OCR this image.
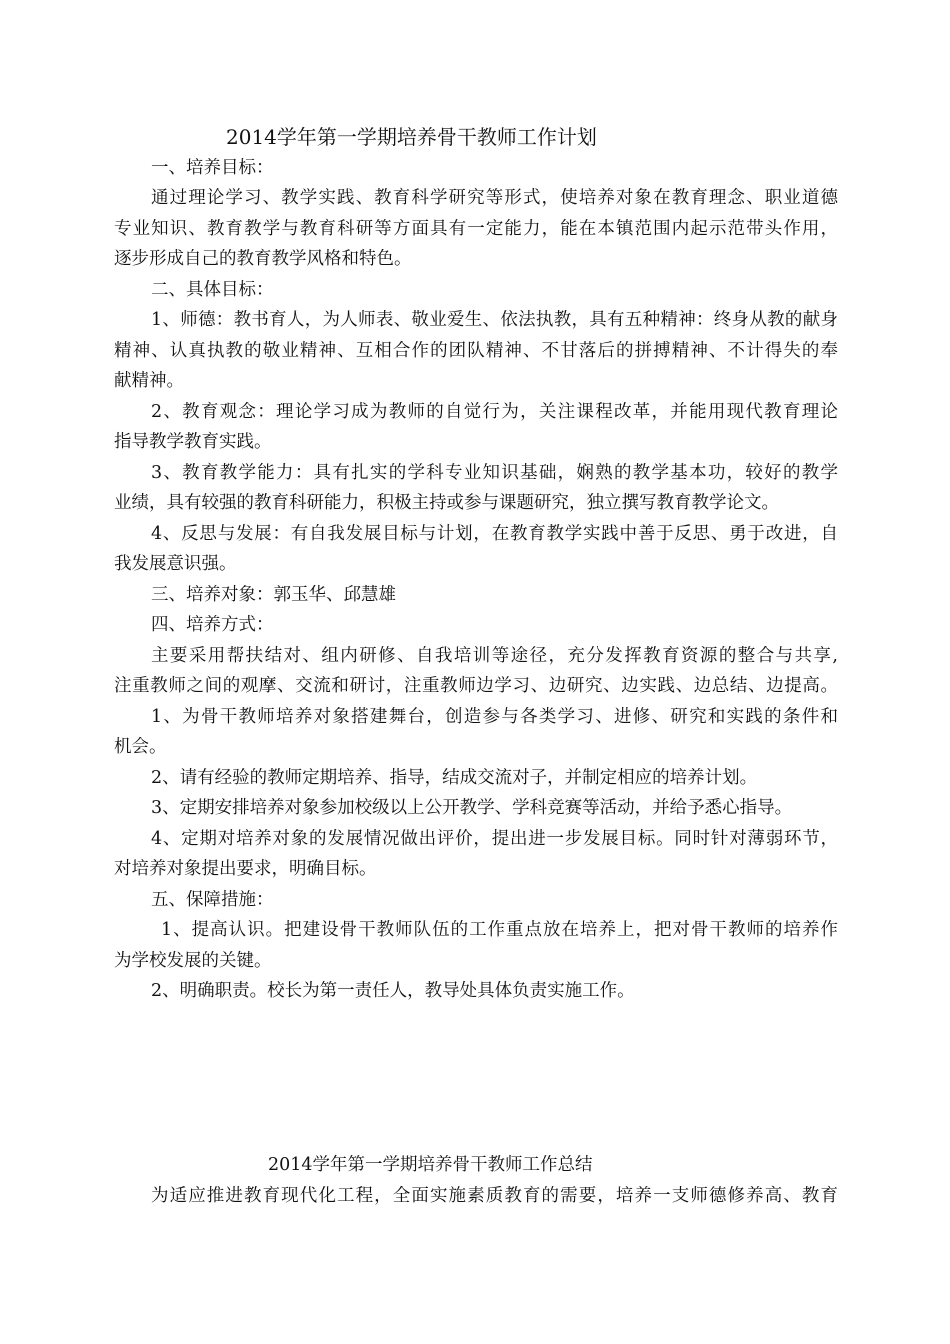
2014学年第一学期培养骨干教师工作计划
一、培养目标：
通过理论学习、教学实践、教育科学研究等形式，使培养对象在教育理念、职业道德
专业知识、教育教学与教育科研等方面具有一定能力，能在本镇范围内起示范带头作用，
逐步形成自己的教育教学风格和特色。
二、具体目标：
1、师德：教书育人，为人师表、敬业爱生、依法执教，具有五种精神：终身从教的献身
精神、认真执教的敬业精神、互相合作的团队精神、不甘落后的拼搏精神、不计得失的奉
献精神。
2、教育观念：理论学习成为教师的自觉行为，关注课程改革，并能用现代教育理论
指导教学教育实践。
3、教育教学能力：具有扎实的学科专业知识基础，娴熟的教学基本功，较好的教学
业绩，具有较强的教育科研能力，积极主持或参与课题研究，独立撰写教育教学论文。
4、反思与发展：有自我发展目标与计划，在教育教学实践中善于反思、勇于改进，自
我发展意识强。
三、培养对象：郭玉华、邱慧雄
四、培养方式：
主要采用帮扶结对、组内研修、自我培训等途径，充分发挥教育资源的整合与共享,
注重教师之间的观摩、交流和研讨，注重教师边学习、边研究、边实践、边总结、边提高。
1、为骨干教师培养对象搭建舞台，创造参与各类学习、进修、研究和实践的条件和
机会。
2、请有经验的教师定期培养、指导，结成交流对子，并制定相应的培养计划。
3、定期安排培养对象参加校级以上公开教学、学科竞赛等活动，并给予悉心指导。
4、定期对培养对象的发展情况做出评价，提出进一步发展目标。同时针对薄弱环节，
对培养对象提出要求，明确目标。
五、保障措施：
1、提高认识。把建设骨干教师队伍的工作重点放在培养上，把对骨干教师的培养作
为学校发展的关键。
2、明确职责。校长为第一责任人，教导处具体负责实施工作。
2014学年第一学期培养骨干教师工作总结
为适应推进教育现代化工程，全面实施素质教育的需要，培养一支师德修养高、教育
